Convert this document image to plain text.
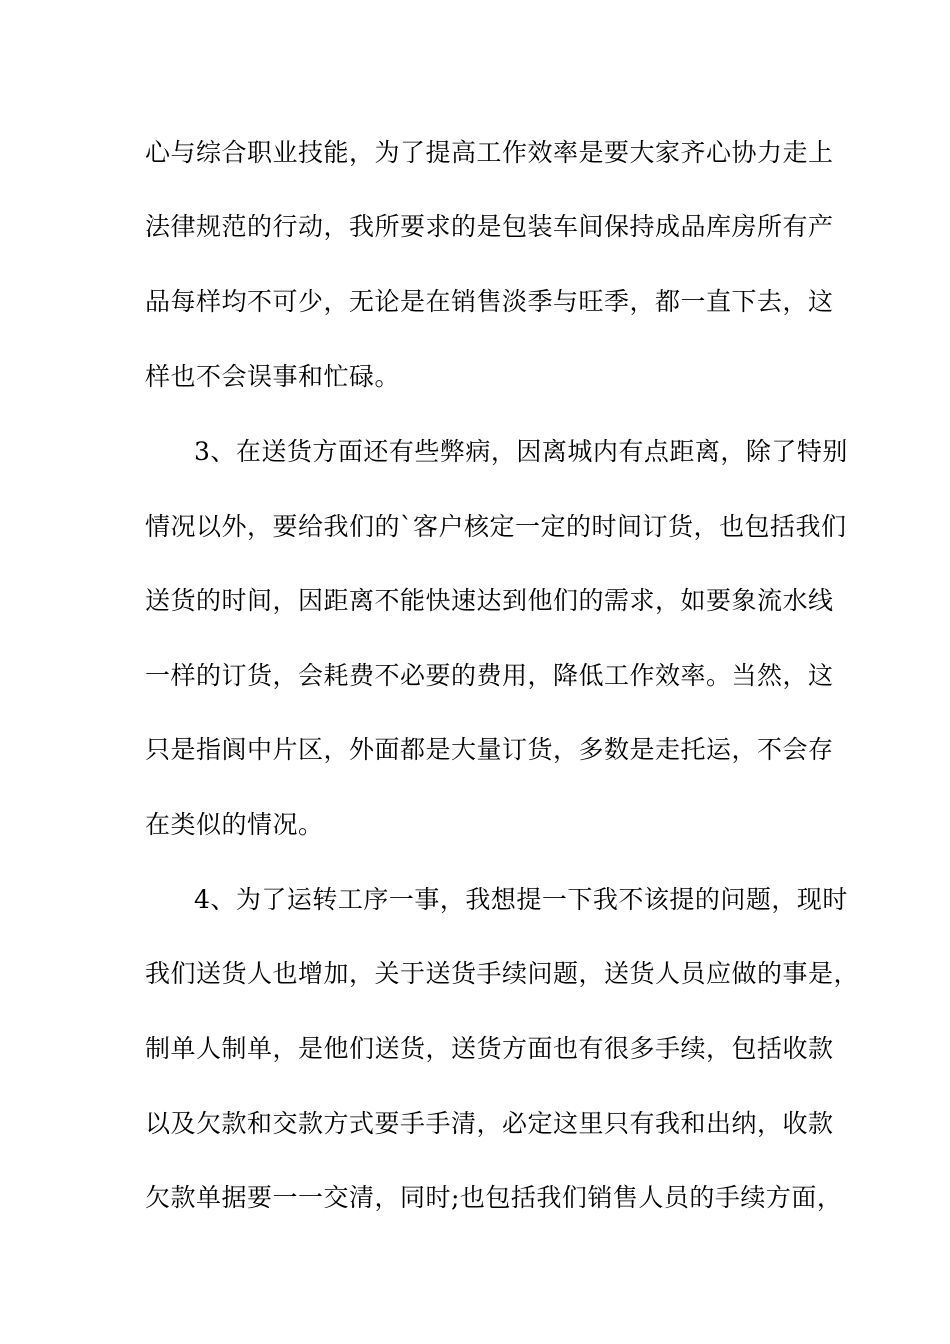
心与综合职业技能，为了提高工作效率是要大家齐心协力走上
法律规范的行动，我所要求的是包装车间保持成品库房所有产
品每样均不可少，无论是在销售淡季与旺季，都一直下去，这
样也不会误事和忙碌。
3、在送货方面还有些弊病，因离城内有点距离，除了特别
情况以外，要给我们的`客户核定一定的时间订货，也包括我们
送货的时间，因距离不能快速达到他们的需求，如要象流水线
一样的订货，会耗费不必要的费用，降低工作效率。当然，这
只是指阆中片区，外面都是大量订货，多数是走托运，不会存
在类似的情况。
4、为了运转工序一事，我想提一下我不该提的问题，现时
我们送货人也增加，关于送货手续问题，送货人员应做的事是，
制单人制单，是他们送货，送货方面也有很多手续，包括收款
以及欠款和交款方式要手手清，必定这里只有我和出纳，收款
欠款单据要一一交清，同时;也包括我们销售人员的手续方面，
